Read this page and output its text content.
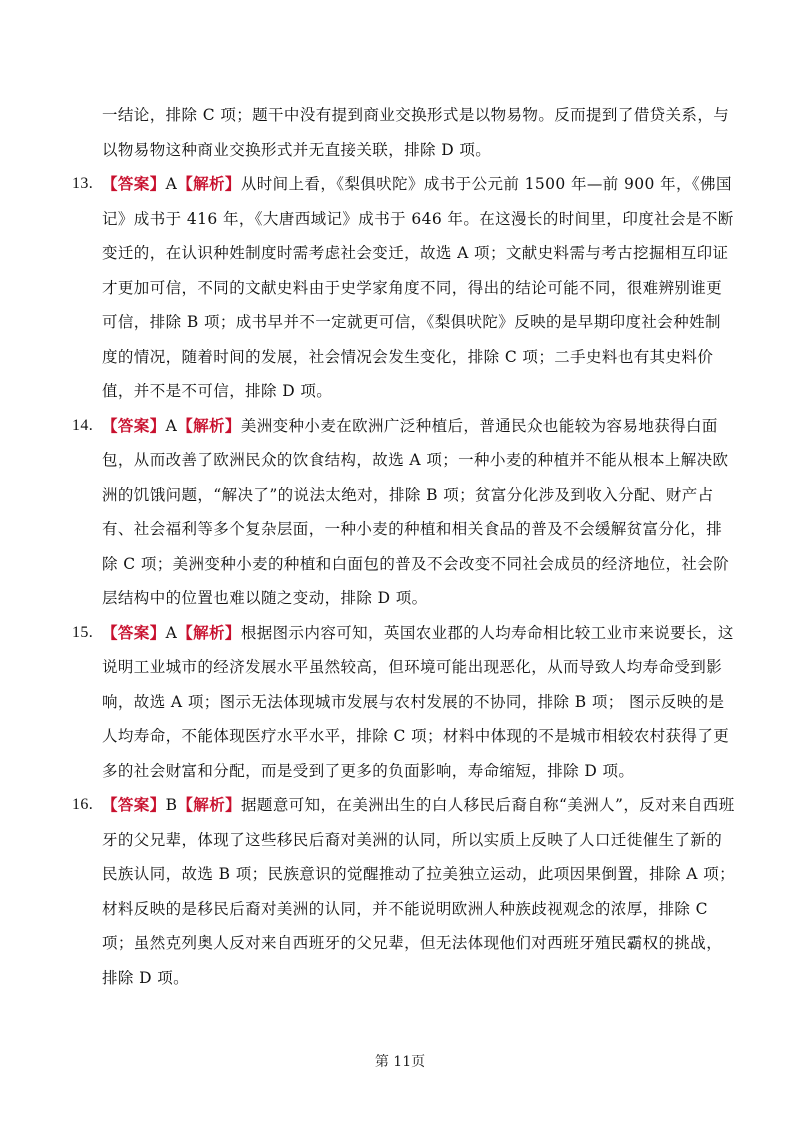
一结论，排除 C 项；题干中没有提到商业交换形式是以物易物。反而提到了借贷关系，与以物易物这种商业交换形式并无直接关联，排除 D 项。

13. 【答案】A【解析】从时间上看，《梨俱吠陀》成书于公元前 1500 年—前 900 年，《佛国记》成书于 416 年，《大唐西域记》成书于 646 年。在这漫长的时间里，印度社会是不断变迁的，在认识种姓制度时需考虑社会变迁，故选 A 项；文献史料需与考古挖掘相互印证才更加可信，不同的文献史料由于史学家角度不同，得出的结论可能不同，很难辨别谁更可信，排除 B 项；成书早并不一定就更可信，《梨俱吠陀》反映的是早期印度社会种姓制度的情况，随着时间的发展，社会情况会发生变化，排除 C 项；二手史料也有其史料价值，并不是不可信，排除 D 项。
14. 【答案】A【解析】美洲变种小麦在欧洲广泛种植后，普通民众也能较为容易地获得白面包，从而改善了欧洲民众的饮食结构，故选 A 项；一种小麦的种植并不能从根本上解决欧洲的饥饿问题，“解决了”的说法太绝对，排除 B 项；贫富分化涉及到收入分配、财产占有、社会福利等多个复杂层面，一种小麦的种植和相关食品的普及不会缓解贫富分化，排除 C 项；美洲变种小麦的种植和白面包的普及不会改变不同社会成员的经济地位，社会阶层结构中的位置也难以随之变动，排除 D 项。
15. 【答案】A【解析】根据图示内容可知，英国农业郡的人均寿命相比较工业市来说要长，这说明工业城市的经济发展水平虽然较高，但环境可能出现恶化，从而导致人均寿命受到影响，故选 A 项；图示无法体现城市发展与农村发展的不协同，排除 B 项； 图示反映的是人均寿命，不能体现医疗水平水平，排除 C 项；材料中体现的不是城市相较农村获得了更多的社会财富和分配，而是受到了更多的负面影响，寿命缩短，排除 D 项。
16. 【答案】B【解析】据题意可知，在美洲出生的白人移民后裔自称“美洲人”，反对来自西班牙的父兄辈，体现了这些移民后裔对美洲的认同，所以实质上反映了人口迁徙催生了新的民族认同，故选 B 项；民族意识的觉醒推动了拉美独立运动，此项因果倒置，排除 A 项；材料反映的是移民后裔对美洲的认同，并不能说明欧洲人种族歧视观念的浓厚，排除 C 项；虽然克列奥人反对来自西班牙的父兄辈，但无法体现他们对西班牙殖民霸权的挑战，排除 D 项。
第 11页
